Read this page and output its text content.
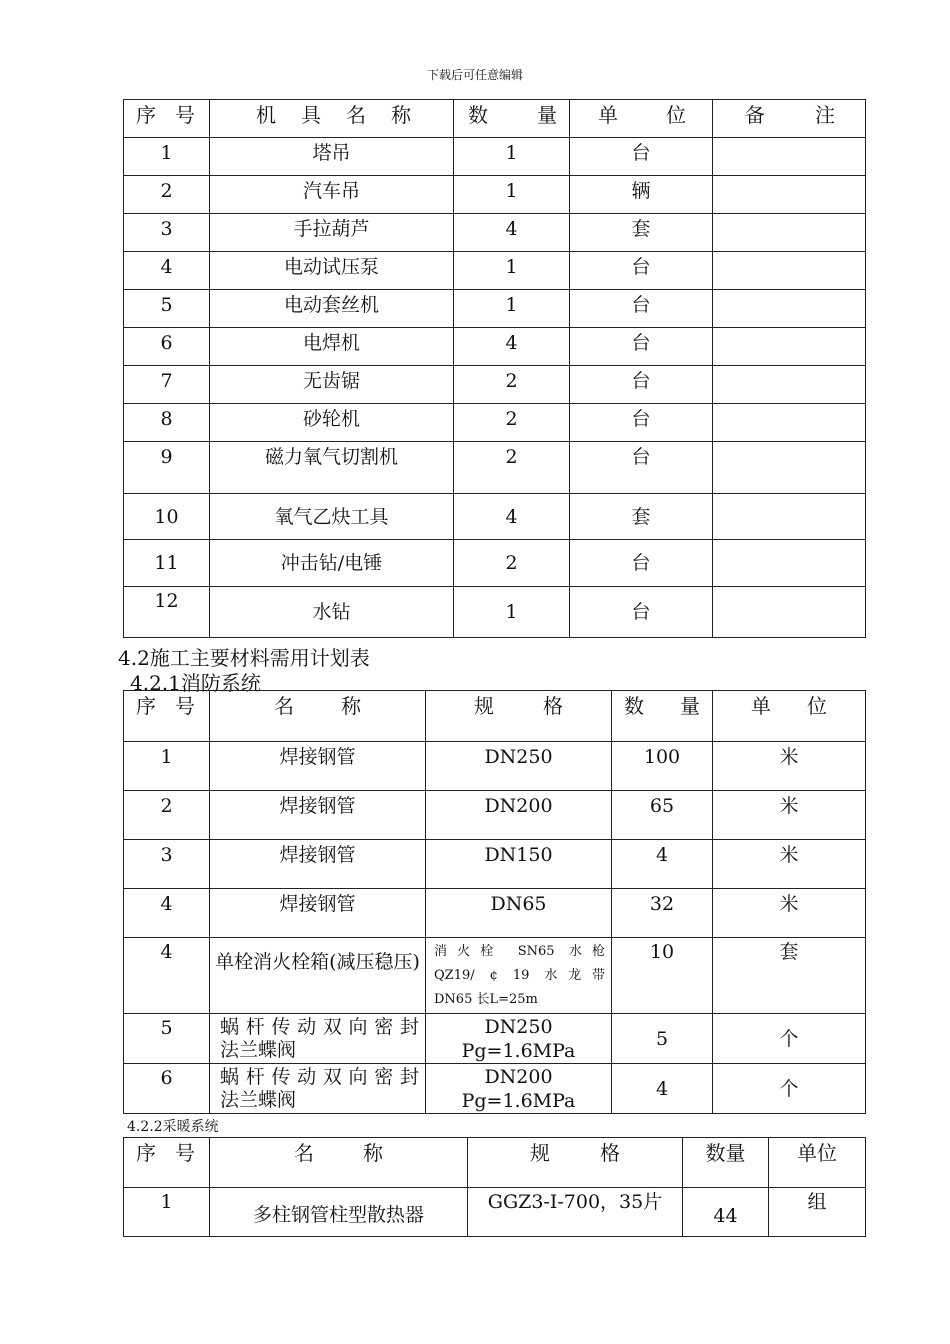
下载后可任意编辑
序 号	机 具 名 称	数 量	单 位	备 注

1	塔吊	1	台	
2	汽车吊	1	辆	
3	手拉葫芦	4	套	
4	电动试压泵	1	台	
5	电动套丝机	1	台	
6	电焊机	4	台	
7	无齿锯	2	台	
8	砂轮机	2	台	
9	磁力氧气切割机	2	台	
10	氧气乙炔工具	4	套	
11	冲击钻/电锤	2	台	
12	水钻	1	台	
4.2施工主要材料需用计划表
4.2.1消防系统
序 号	名 称	规 格	数 量	单 位

1	焊接钢管	DN250	100	米
2	焊接钢管	DN200	65	米
3	焊接钢管	DN150	4	米
4	焊接钢管	DN65	32	米
4	单栓消火栓箱(减压稳压)	消火栓 SN65 水枪
QZ19/ ¢ 19 水龙带
DN65 长L=25m	10	套
5	蜗杆传动双向密封
法兰蝶阀	DN250 Pg=1.6MPa	5	个
6	蜗杆传动双向密封
法兰蝶阀	DN200 Pg=1.6MPa	4	个
4.2.2采暖系统
序 号	名 称	规 格	数量	单位
1	多柱钢管柱型散热器	GGZ3-Ⅰ-700，35片	44	组
